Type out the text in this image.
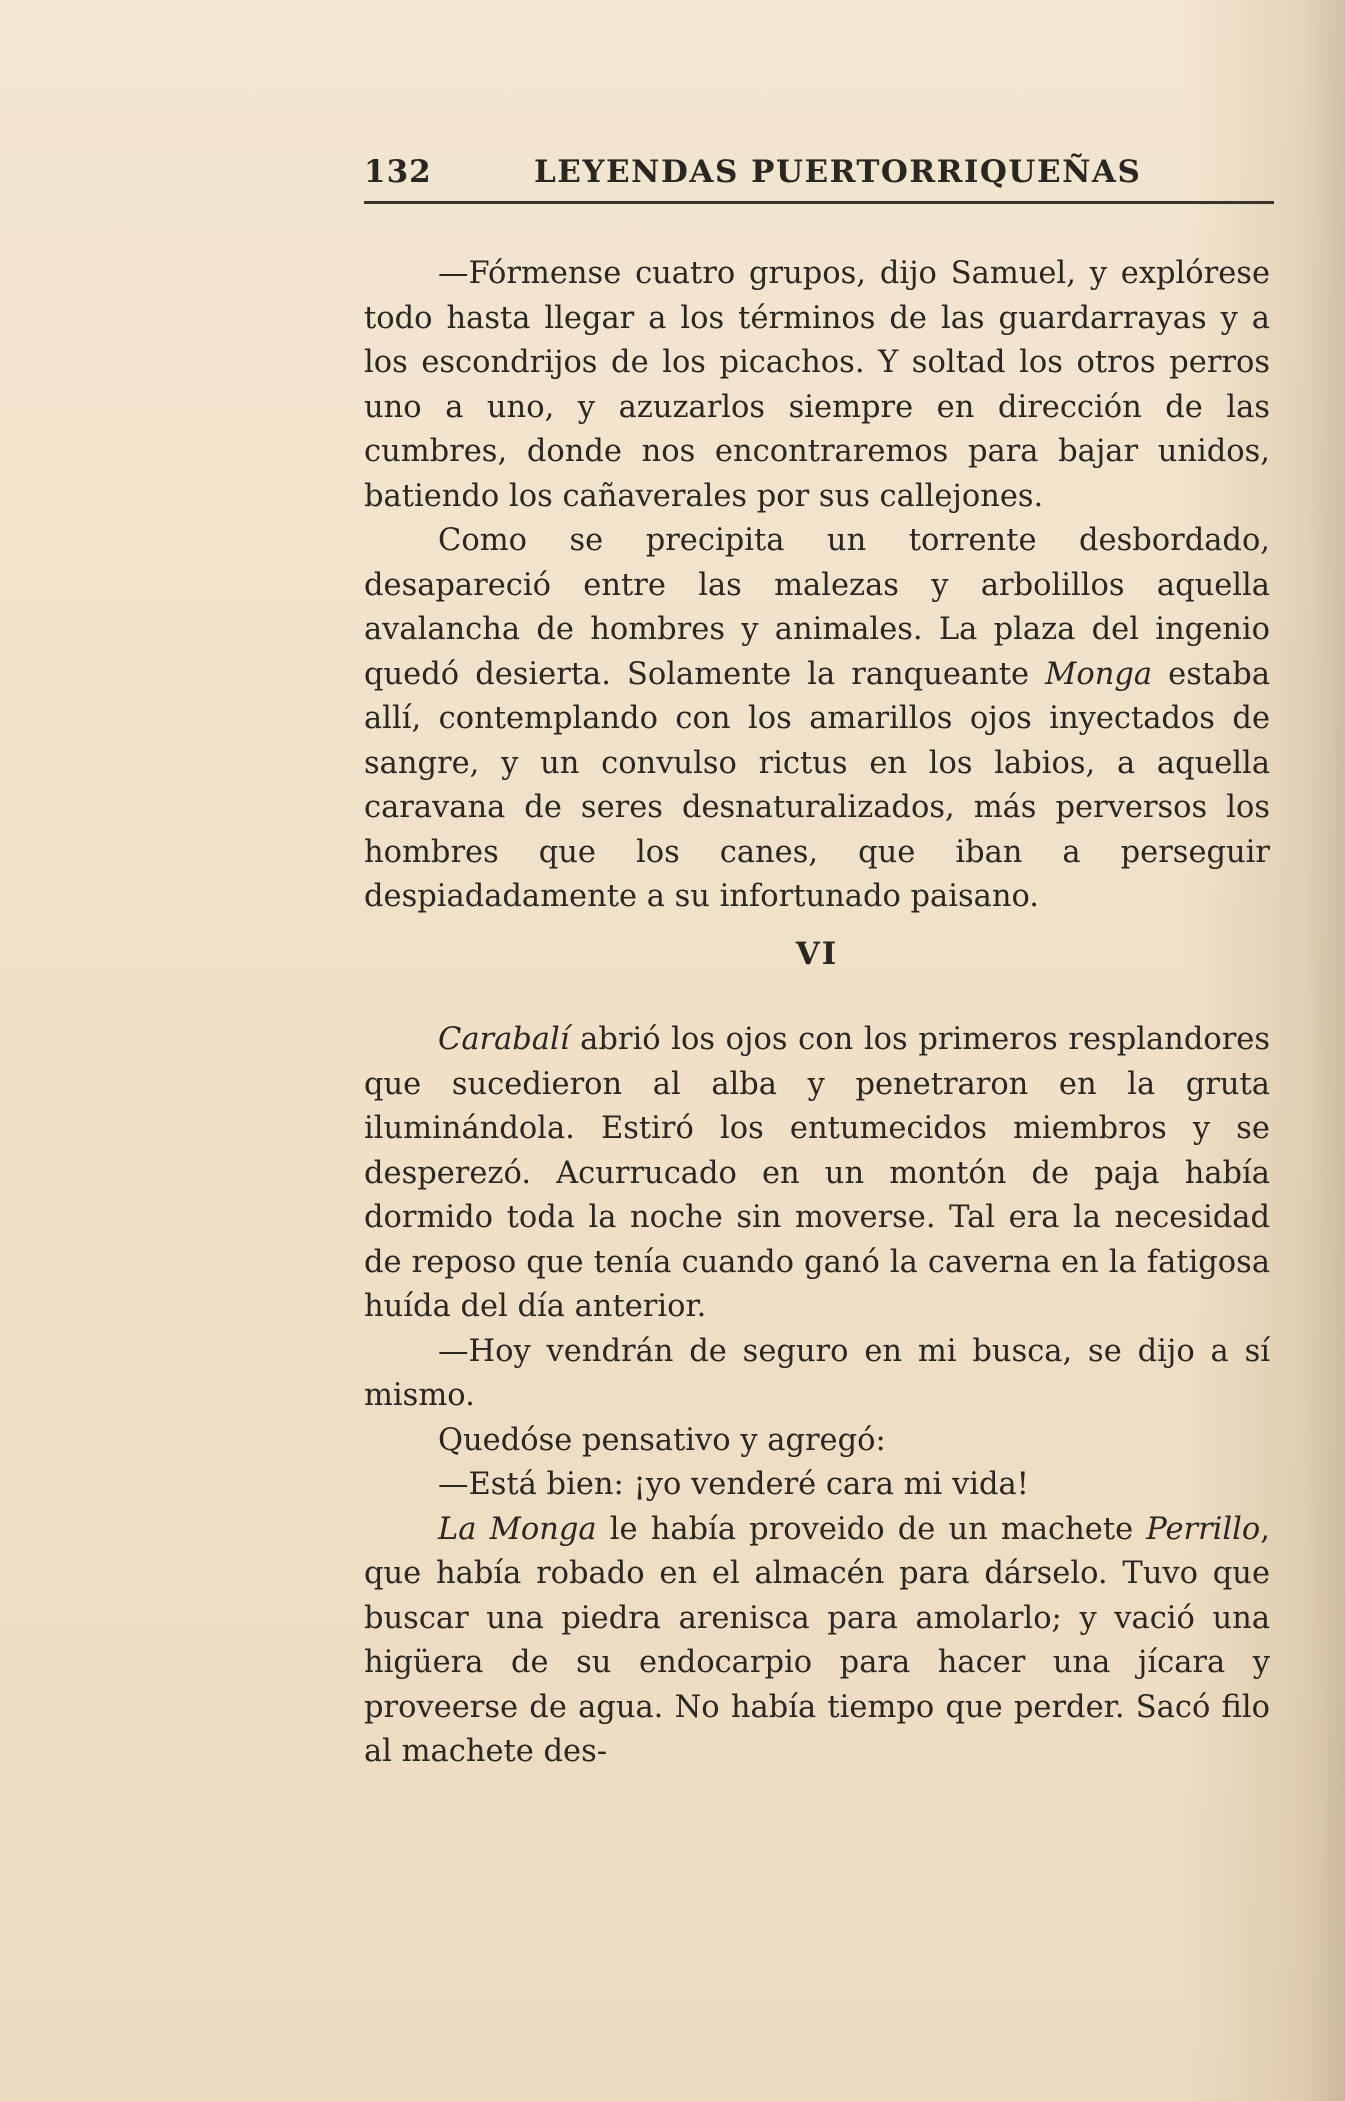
132	LEYENDAS PUERTORRIQUEÑAS

—Fórmense cuatro grupos, dijo Samuel, y explórese todo hasta llegar a los términos de las guardarrayas y a los escondrijos de los picachos. Y soltad los otros perros uno a uno, y azuzarlos siempre en dirección de las cumbres, donde nos encontraremos para bajar unidos, batiendo los cañaverales por sus callejones.

Como se precipita un torrente desbordado, desapareció entre las malezas y arbolillos aquella avalancha de hombres y animales. La plaza del ingenio quedó desierta. Solamente la ranqueante Monga estaba allí, contemplando con los amarillos ojos inyectados de sangre, y un convulso rictus en los labios, a aquella caravana de seres desnaturalizados, más perversos los hombres que los canes, que iban a perseguir despiadadamente a su infortunado paisano.

VI

Carabalí abrió los ojos con los primeros resplandores que sucedieron al alba y penetraron en la gruta iluminándola. Estiró los entumecidos miembros y se desperezó. Acurrucado en un montón de paja había dormido toda la noche sin moverse. Tal era la necesidad de reposo que tenía cuando ganó la caverna en la fatigosa huída del día anterior.

—Hoy vendrán de seguro en mi busca, se dijo a sí mismo.

Quedóse pensativo y agregó:

—Está bien: ¡yo venderé cara mi vida!

La Monga le había proveido de un machete Perrillo, que había robado en el almacén para dárselo. Tuvo que buscar una piedra arenisca para amolarlo; y vació una higüera de su endocarpio para hacer una jícara y proveerse de agua. No había tiempo que perder. Sacó filo al machete des-
